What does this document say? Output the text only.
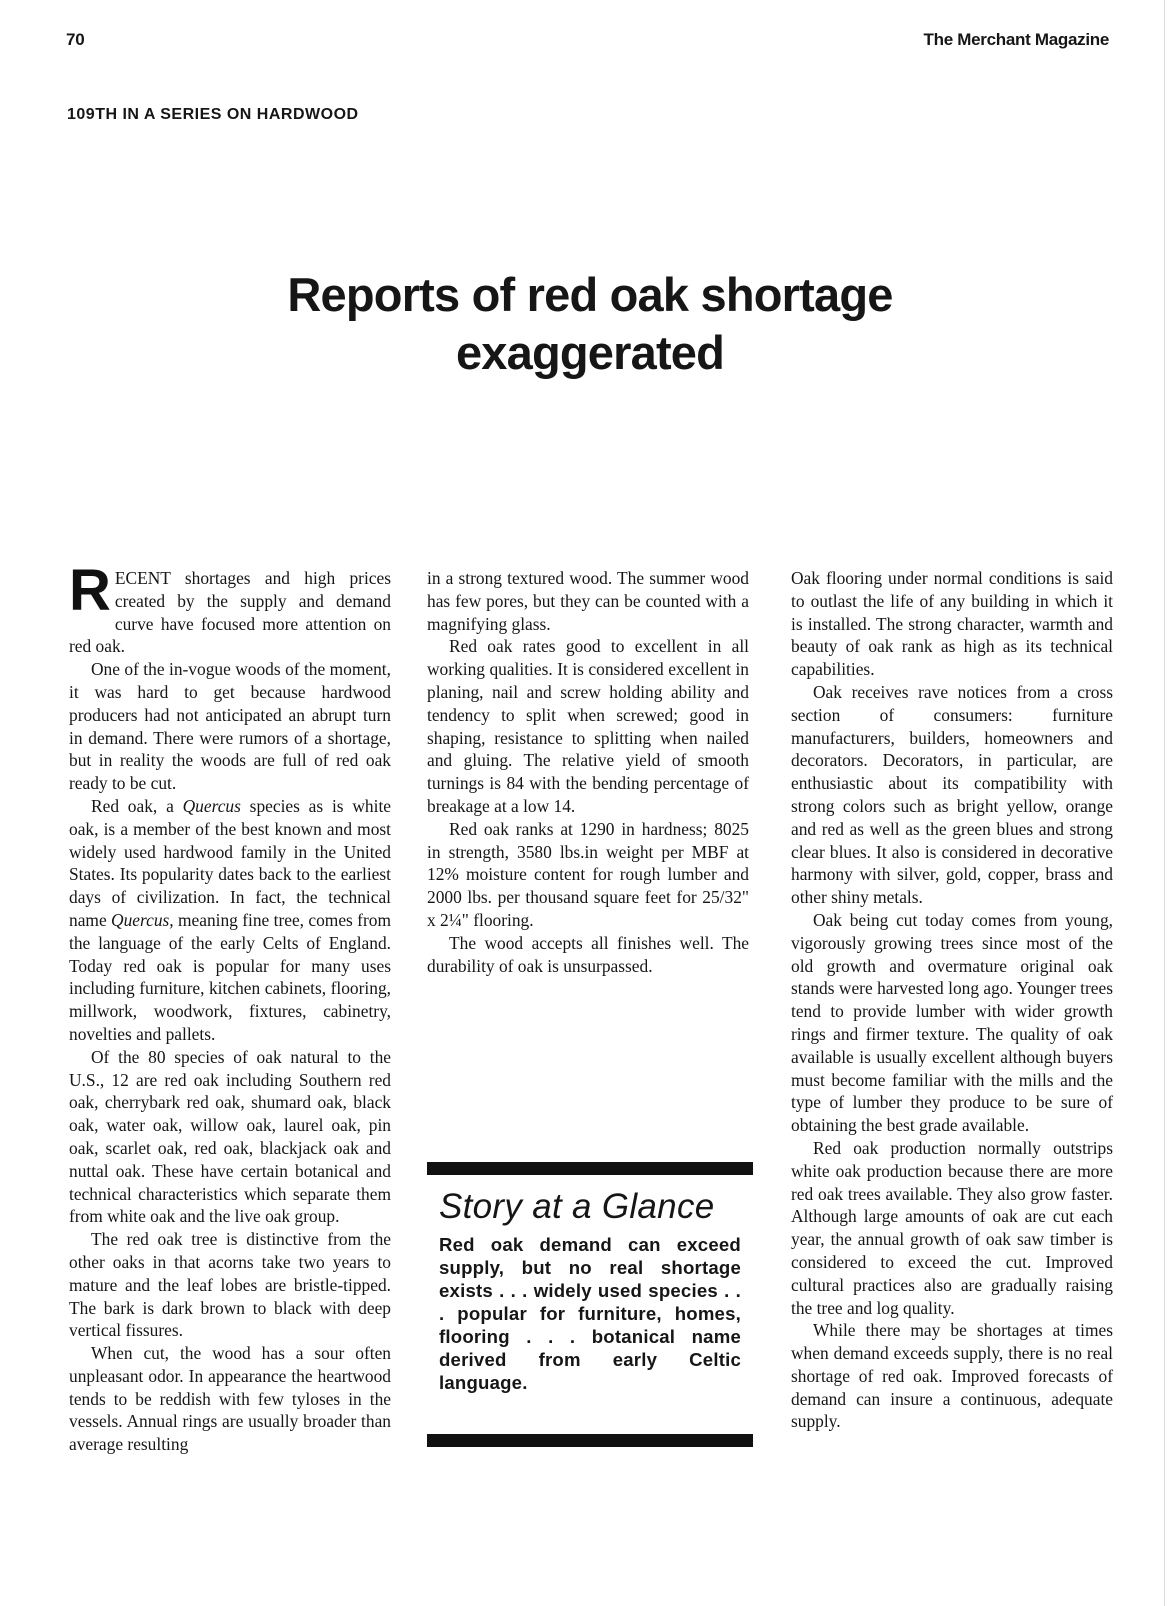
70	The Merchant Magazine
109TH IN A SERIES ON HARDWOOD
Reports of red oak shortage exaggerated

RECENT shortages and high prices created by the supply and demand curve have focused more attention on red oak.

One of the in-vogue woods of the moment, it was hard to get because hardwood producers had not anticipated an abrupt turn in demand. There were rumors of a shortage, but in reality the woods are full of red oak ready to be cut.

Red oak, a Quercus species as is white oak, is a member of the best known and most widely used hardwood family in the United States. Its popularity dates back to the earliest days of civilization. In fact, the technical name Quercus, meaning fine tree, comes from the language of the early Celts of England. Today red oak is popular for many uses including furniture, kitchen cabinets, flooring, millwork, woodwork, fixtures, cabinetry, novelties and pallets.

Of the 80 species of oak natural to the U.S., 12 are red oak including Southern red oak, cherrybark red oak, shumard oak, black oak, water oak, willow oak, laurel oak, pin oak, scarlet oak, red oak, blackjack oak and nuttal oak. These have certain botanical and technical characteristics which separate them from white oak and the live oak group.

The red oak tree is distinctive from the other oaks in that acorns take two years to mature and the leaf lobes are bristle-tipped. The bark is dark brown to black with deep vertical fissures.

When cut, the wood has a sour often unpleasant odor. In appearance the heartwood tends to be reddish with few tyloses in the vessels. Annual rings are usually broader than average resulting

in a strong textured wood. The summer wood has few pores, but they can be counted with a magnifying glass.

Red oak rates good to excellent in all working qualities. It is considered excellent in planing, nail and screw holding ability and tendency to split when screwed; good in shaping, resistance to splitting when nailed and gluing. The relative yield of smooth turnings is 84 with the bending percentage of breakage at a low 14.

Red oak ranks at 1290 in hardness; 8025 in strength, 3580 lbs.in weight per MBF at 12% moisture content for rough lumber and 2000 lbs. per thousand square feet for 25/32" x 2¼" flooring.

The wood accepts all finishes well. The durability of oak is unsurpassed.

Story at a Glance
Red oak demand can exceed supply, but no real shortage exists . . . widely used species . . . popular for furniture, homes, flooring . . . botanical name derived from early Celtic language.

Oak flooring under normal conditions is said to outlast the life of any building in which it is installed. The strong character, warmth and beauty of oak rank as high as its technical capabilities.

Oak receives rave notices from a cross section of consumers: furniture manufacturers, builders, homeowners and decorators. Decorators, in particular, are enthusiastic about its compatibility with strong colors such as bright yellow, orange and red as well as the green blues and strong clear blues. It also is considered in decorative harmony with silver, gold, copper, brass and other shiny metals.

Oak being cut today comes from young, vigorously growing trees since most of the old growth and overmature original oak stands were harvested long ago. Younger trees tend to provide lumber with wider growth rings and firmer texture. The quality of oak available is usually excellent although buyers must become familiar with the mills and the type of lumber they produce to be sure of obtaining the best grade available.

Red oak production normally outstrips white oak production because there are more red oak trees available. They also grow faster. Although large amounts of oak are cut each year, the annual growth of oak saw timber is considered to exceed the cut. Improved cultural practices also are gradually raising the tree and log quality.

While there may be shortages at times when demand exceeds supply, there is no real shortage of red oak. Improved forecasts of demand can insure a continuous, adequate supply.
